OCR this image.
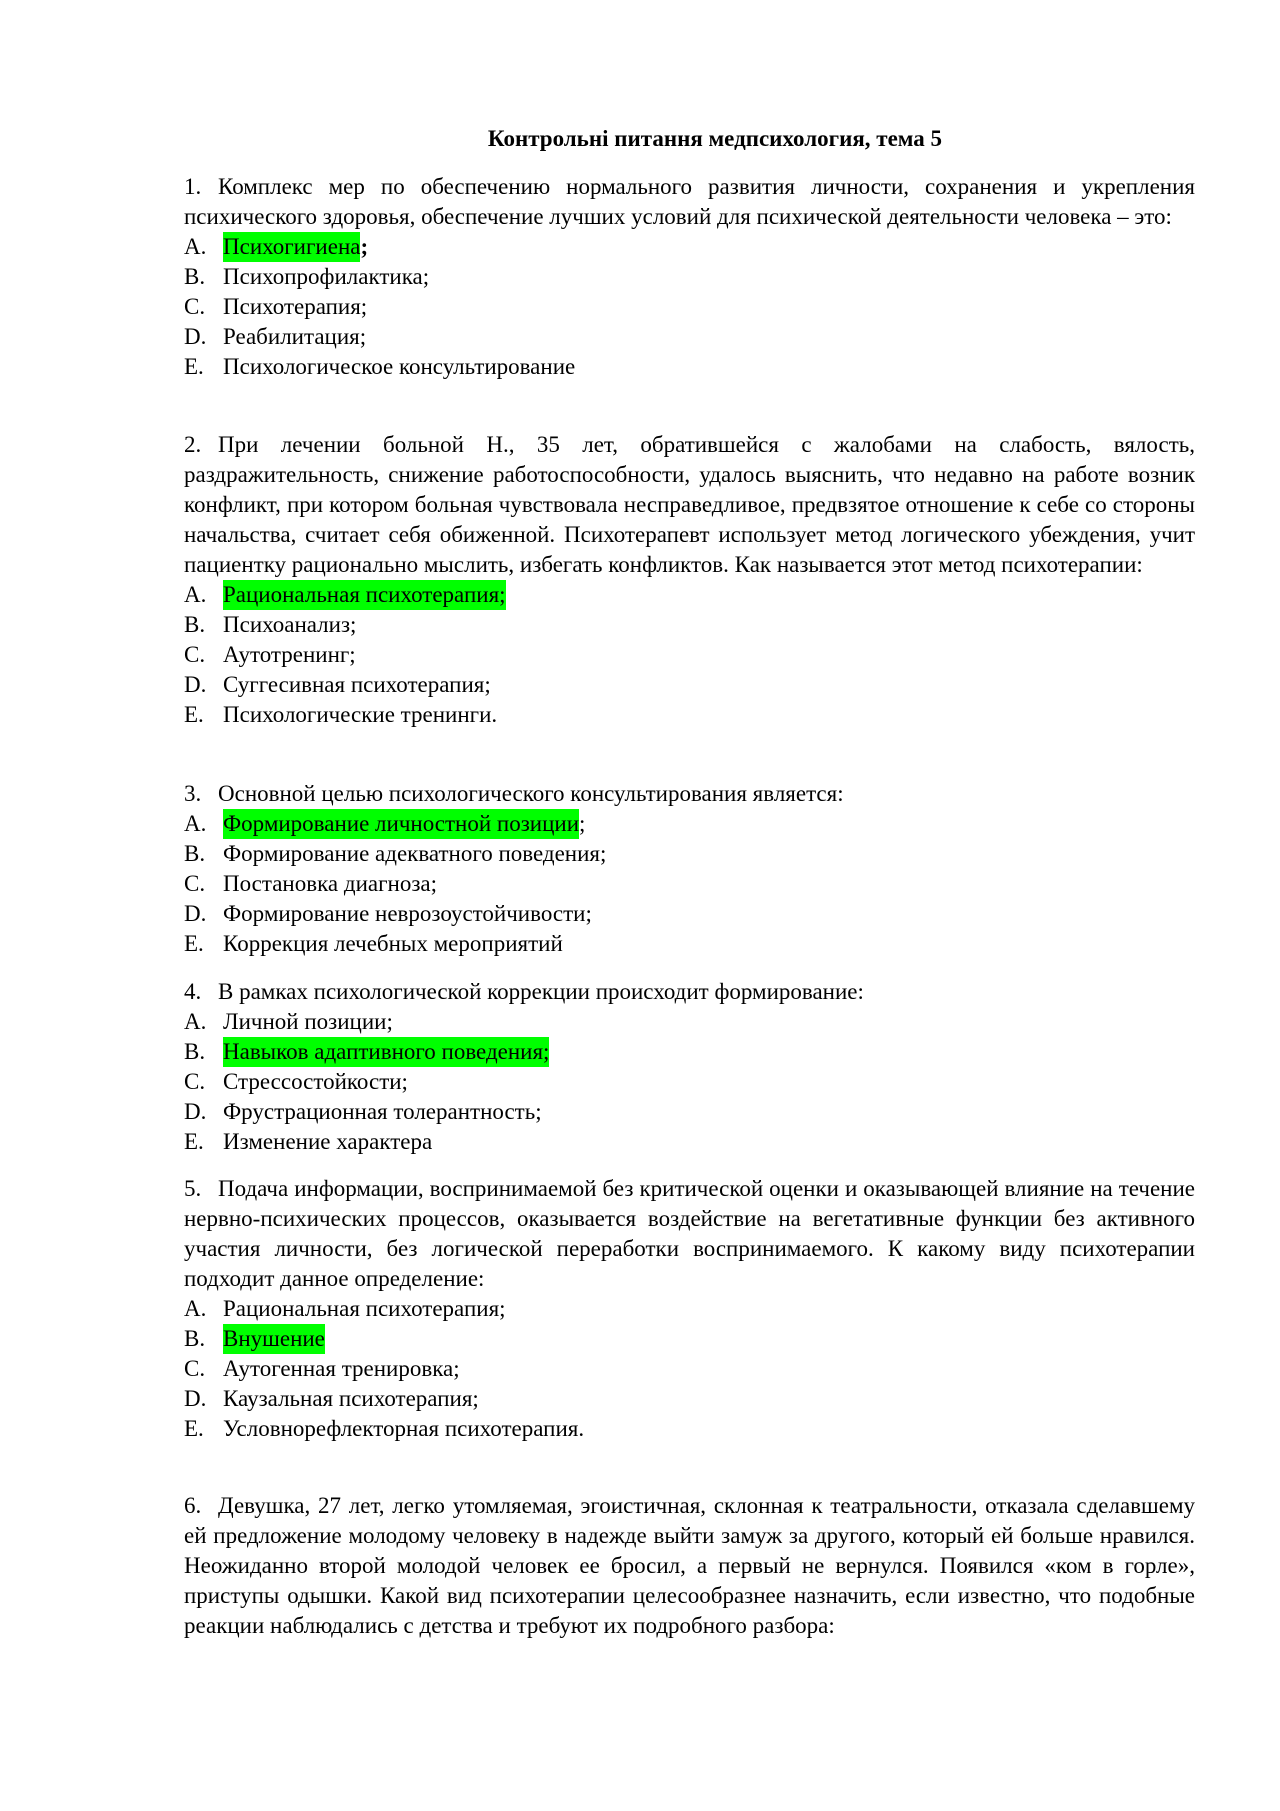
Контрольні питання медпсихология, тема 5

1. Комплекс мер по обеспечению нормального развития личности, сохранения и укрепления психического здоровья, обеспечение лучших условий для психической деятельности человека – это:

A. Психогигиена ;
B. Психопрофилактика;
C. Психотерапия;
D. Реабилитация;
E. Психологическое консультирование

2. При лечении больной Н., 35 лет, обратившейся с жалобами на слабость, вялость, раздражительность, снижение работоспособности, удалось выяснить, что недавно на работе возник конфликт, при котором больная чувствовала несправедливое, предвзятое отношение к себе со стороны начальства, считает себя обиженной. Психотерапевт использует метод логического убеждения, учит пациентку рационально мыслить, избегать конфликтов. Как называется этот метод психотерапии:

A. Рациональная психотерапия;
B. Психоанализ;
C. Аутотренинг;
D. Суггесивная психотерапия;
E. Психологические тренинги.

3. Основной целью психологического консультирования является:

A. Формирование личностной позиции ;
B. Формирование адекватного поведения;
C. Постановка диагноза;
D. Формирование неврозоустойчивости;
E. Коррекция лечебных мероприятий

4. В рамках психологической коррекции происходит формирование:

A. Личной позиции;
B. Навыков адаптивного поведения;
C. Стрессостойкости;
D. Фрустрационная толерантность;
E. Изменение характера

5. Подача информации, воспринимаемой без критической оценки и оказывающей влияние на течение нервно-психических процессов, оказывается воздействие на вегетативные функции без активного участия личности, без логической переработки воспринимаемого. К какому виду психотерапии подходит данное определение:

A. Рациональная психотерапия;
B. Внушение
C. Аутогенная тренировка;
D. Каузальная психотерапия;
E. Условнорефлекторная психотерапия.

6. Девушка, 27 лет, легко утомляемая, эгоистичная, склонная к театральности, отказала сделавшему ей предложение молодому человеку в надежде выйти замуж за другого, который ей больше нравился. Неожиданно второй молодой человек ее бросил, а первый не вернулся. Появился «ком в горле», приступы одышки. Какой вид психотерапии целесообразнее назначить, если известно, что подобные реакции наблюдались с детства и требуют их подробного разбора:
